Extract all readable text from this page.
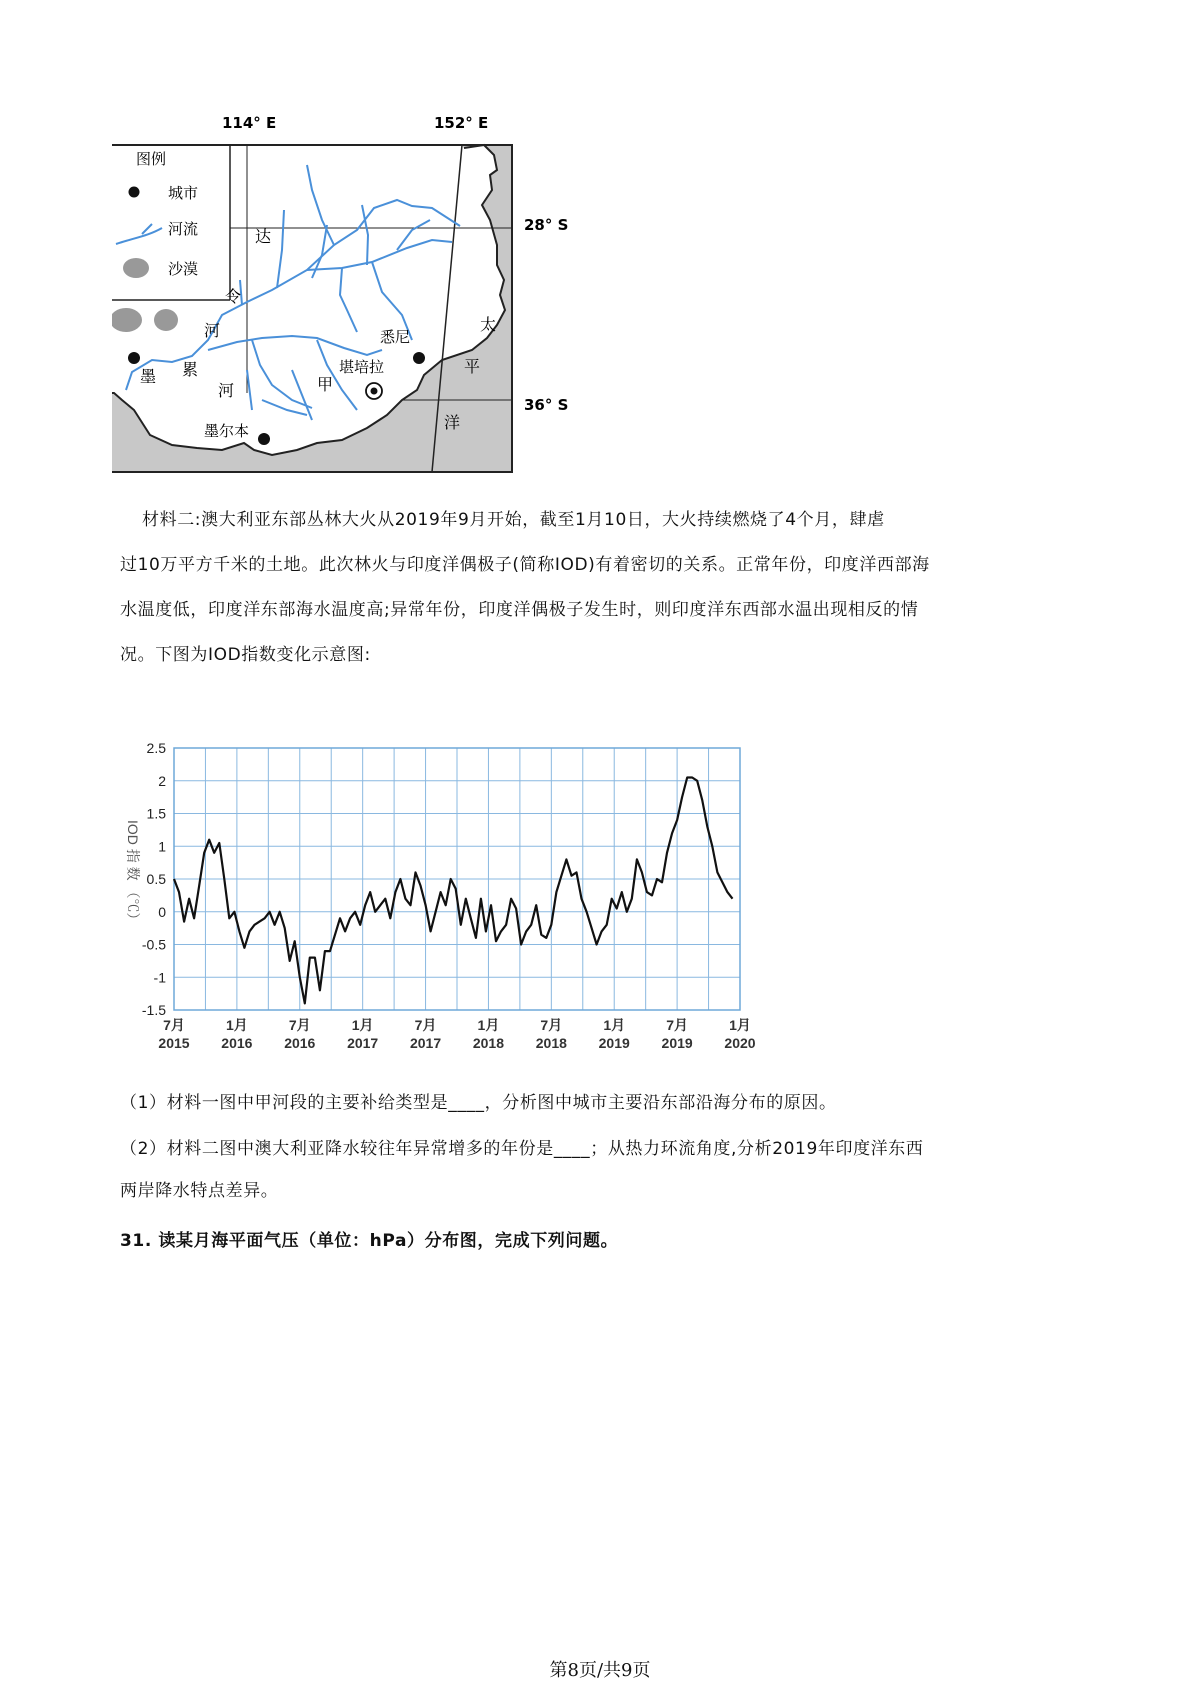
114° E	152° E
28° S
36° S
图例
城市
河流
沙漠
达
令
河
墨 累
河	甲
堪培拉
悉尼
墨尔本
太
平
洋
材料二:澳大利亚东部丛林大火从2019年9月开始，截至1月10日，大火持续燃烧了4个月，肆虐
过10万平方千米的土地。此次林火与印度洋偶极子(简称IOD)有着密切的关系。正常年份，印度洋西部海
水温度低，印度洋东部海水温度高;异常年份，印度洋偶极子发生时，则印度洋东西部水温出现相反的情
况。下图为IOD指数变化示意图:
2.5
2
1.5
1
0.5
0
-0.5
-1
-1.5
7月
2015
1月
2016
7月
2016
1月
2017
7月
2017
1月
2018
7月
2018
1月
2019
7月
2019
1月
2020
IOD 指 数 （℃）
（1）材料一图中甲河段的主要补给类型是____，分析图中城市主要沿东部沿海分布的原因。
（2）材料二图中澳大利亚降水较往年异常增多的年份是____；从热力环流角度,分析2019年印度洋东西
两岸降水特点差异。
31. 读某月海平面气压（单位：hPa）分布图，完成下列问题。
第8页/共9页
